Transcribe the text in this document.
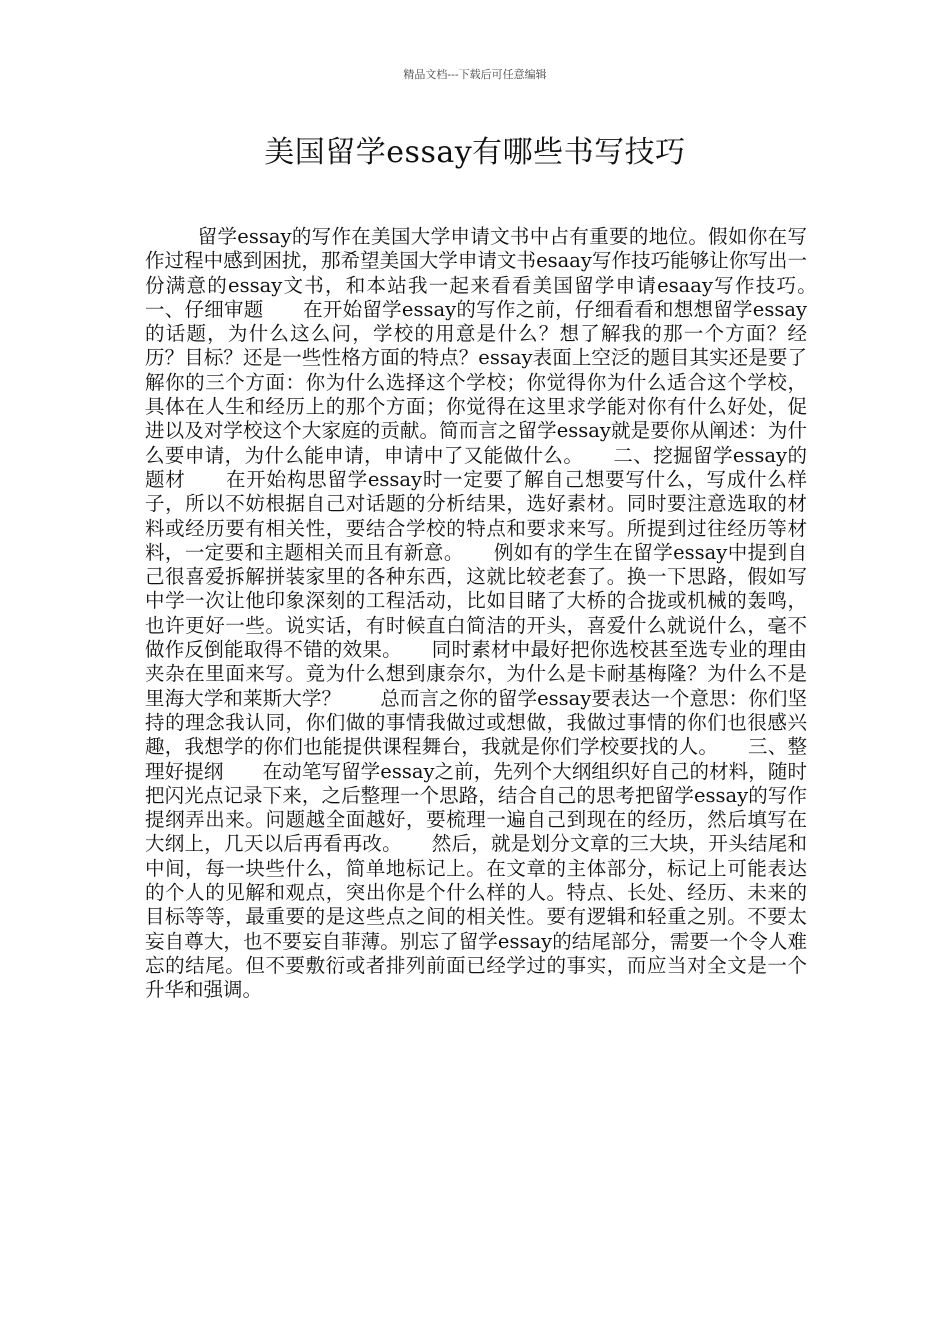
精品文档---下载后可任意编辑
美国留学essay有哪些书写技巧

留学essay的写作在美国大学申请文书中占有重要的地位。假如你在写作过程中感到困扰，那希望美国大学申请文书esaay写作技巧能够让你写出一份满意的essay文书，和本站我一起来看看美国留学申请esaay写作技巧。　　一、仔细审题　　在开始留学essay的写作之前，仔细看看和想想留学essay的话题，为什么这么问，学校的用意是什么？想了解我的那一个方面？经历？目标？还是一些性格方面的特点？essay表面上空泛的题目其实还是要了解你的三个方面：你为什么选择这个学校；你觉得你为什么适合这个学校，具体在人生和经历上的那个方面；你觉得在这里求学能对你有什么好处，促进以及对学校这个大家庭的贡献。简而言之留学essay就是要你从阐述：为什么要申请，为什么能申请，申请中了又能做什么。　　二、挖掘留学essay的题材　　在开始构思留学essay时一定要了解自己想要写什么，写成什么样子，所以不妨根据自己对话题的分析结果，选好素材。同时要注意选取的材料或经历要有相关性，要结合学校的特点和要求来写。所提到过往经历等材料，一定要和主题相关而且有新意。　　例如有的学生在留学essay中提到自己很喜爱拆解拼装家里的各种东西，这就比较老套了。换一下思路，假如写中学一次让他印象深刻的工程活动，比如目睹了大桥的合拢或机械的轰鸣，也许更好一些。说实话，有时候直白简洁的开头，喜爱什么就说什么，毫不做作反倒能取得不错的效果。　　同时素材中最好把你选校甚至选专业的理由夹杂在里面来写。竟为什么想到康奈尔，为什么是卡耐基梅隆？为什么不是里海大学和莱斯大学？　　总而言之你的留学essay要表达一个意思：你们坚持的理念我认同，你们做的事情我做过或想做，我做过事情的你们也很感兴趣，我想学的你们也能提供课程舞台，我就是你们学校要找的人。　　三、整理好提纲　　在动笔写留学essay之前，先列个大纲组织好自己的材料，随时把闪光点记录下来，之后整理一个思路，结合自己的思考把留学essay的写作提纲弄出来。问题越全面越好，要梳理一遍自己到现在的经历，然后填写在大纲上，几天以后再看再改。　　然后，就是划分文章的三大块，开头结尾和中间，每一块些什么，简单地标记上。在文章的主体部分，标记上可能表达的个人的见解和观点，突出你是个什么样的人。特点、长处、经历、未来的目标等等，最重要的是这些点之间的相关性。要有逻辑和轻重之别。不要太妄自尊大，也不要妄自菲薄。别忘了留学essay的结尾部分，需要一个令人难忘的结尾。但不要敷衍或者排列前面已经学过的事实，而应当对全文是一个升华和强调。
